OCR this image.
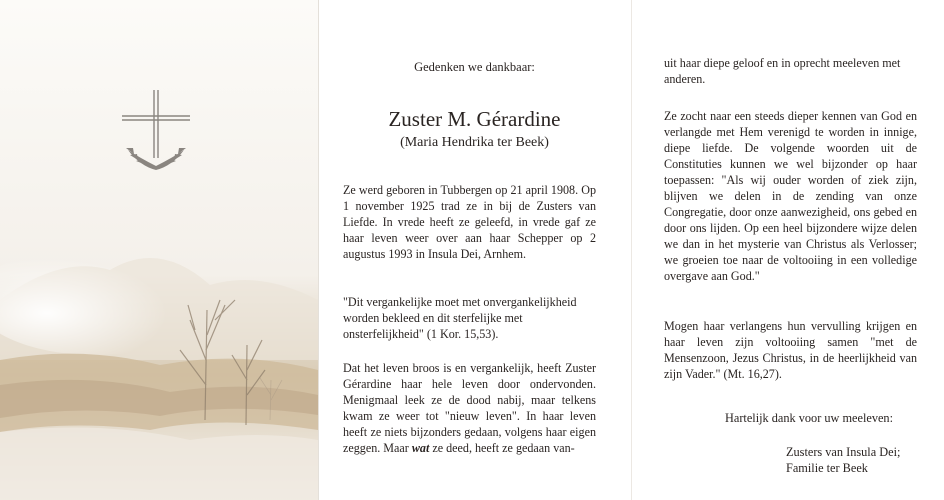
Gedenken we dankbaar:
Zuster M. Gérardine
(Maria Hendrika ter Beek)
Ze werd geboren in Tubbergen op 21 april 1908. Op 1 november 1925 trad ze in bij de Zusters van Liefde. In vrede heeft ze geleefd, in vrede gaf ze haar leven weer over aan haar Schepper op 2 augustus 1993 in Insula Dei, Arnhem.
"Dit vergankelijke moet met onvergankelijkheid worden bekleed en dit sterfelijke met onsterfelijkheid" (1 Kor. 15,53).
Dat het leven broos is en vergankelijk, heeft Zuster Gérardine haar hele leven door ondervonden. Menigmaal leek ze de dood nabij, maar telkens kwam ze weer tot "nieuw leven". In haar leven heeft ze niets bijzonders gedaan, volgens haar eigen zeggen. Maar wat ze deed, heeft ze gedaan van-
uit haar diepe geloof en in oprecht meeleven met anderen.
Ze zocht naar een steeds dieper kennen van God en verlangde met Hem verenigd te worden in innige, diepe liefde. De volgende woorden uit de Constituties kunnen we wel bijzonder op haar toepassen: "Als wij ouder worden of ziek zijn, blijven we delen in de zending van onze Congregatie, door onze aanwezigheid, ons gebed en door ons lijden. Op een heel bijzondere wijze delen we dan in het mysterie van Christus als Verlosser; we groeien toe naar de voltooiing in een volledige overgave aan God."
Mogen haar verlangens hun vervulling krijgen en haar leven zijn voltooiing samen "met de Mensenzoon, Jezus Christus, in de heerlijkheid van zijn Vader." (Mt. 16,27).
Hartelijk dank voor uw meeleven:
Zusters van Insula Dei;
Familie ter Beek
